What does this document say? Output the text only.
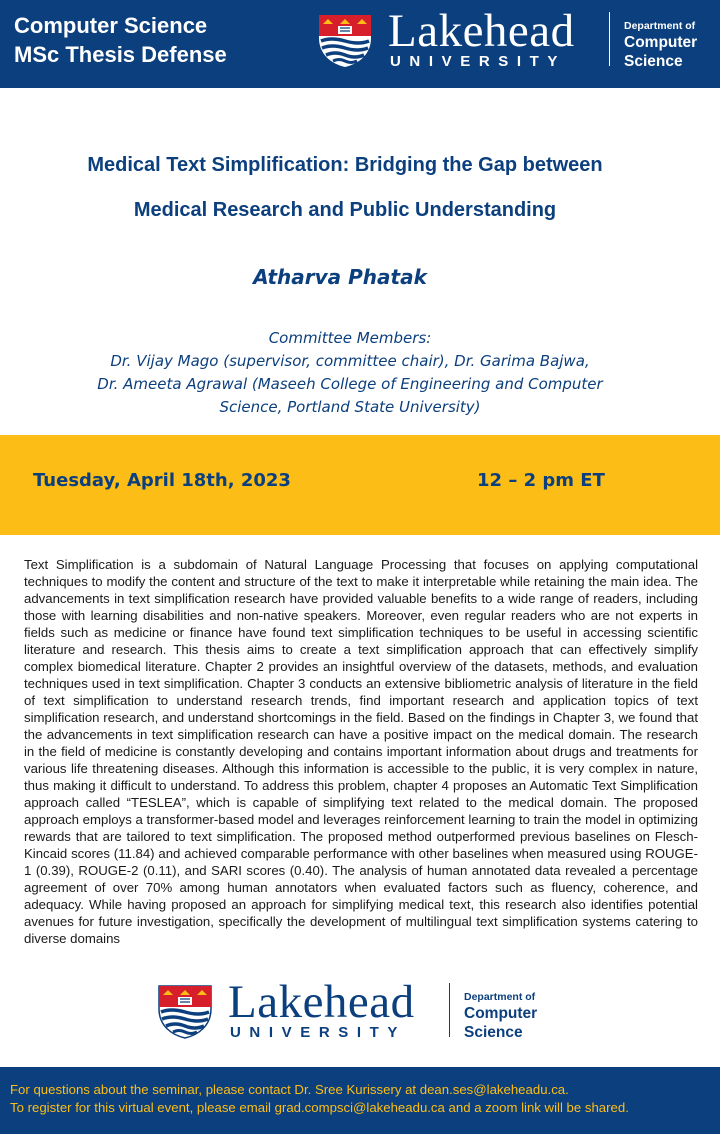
Computer Science
MSc Thesis Defense	Lakehead
UNIVERSITY
Department of
Computer
Science
Medical Text Simplification: Bridging the Gap between
Medical Research and Public Understanding
Atharva Phatak
Committee Members:
Dr. Vijay Mago (supervisor, committee chair), Dr. Garima Bajwa,
Dr. Ameeta Agrawal (Maseeh College of Engineering and Computer
Science, Portland State University)
Tuesday, April 18th, 2023	12 – 2 pm ET
Text Simplification is a subdomain of Natural Language Processing that focuses on applying computational techniques to modify the content and structure of the text to make it interpretable while retaining the main idea. The advancements in text simplification research have provided valuable benefits to a wide range of readers, including those with learning disabilities and non-native speakers. Moreover, even regular readers who are not experts in fields such as medicine or finance have found text simplification techniques to be useful in accessing scientific literature and research. This thesis aims to create a text simplification approach that can effectively simplify complex biomedical literature. Chapter 2 provides an insightful overview of the datasets, methods, and evaluation techniques used in text simplification. Chapter 3 conducts an extensive bibliometric analysis of literature in the field of text simplification to understand research trends, find important research and application topics of text simplification research, and understand shortcomings in the field. Based on the findings in Chapter 3, we found that the advancements in text simplification research can have a positive impact on the medical domain. The research in the field of medicine is constantly developing and contains important information about drugs and treatments for various life threatening diseases. Although this information is accessible to the public, it is very complex in nature, thus making it difficult to understand. To address this problem, chapter 4 proposes an Automatic Text Simplification approach called “TESLEA”, which is capable of simplifying text related to the medical domain. The proposed approach employs a transformer-based model and leverages reinforcement learning to train the model in optimizing rewards that are tailored to text simplification. The proposed method outperformed previous baselines on Flesch-Kincaid scores (11.84) and achieved comparable performance with other baselines when measured using ROUGE-1 (0.39), ROUGE-2 (0.11), and SARI scores (0.40). The analysis of human annotated data revealed a percentage agreement of over 70% among human annotators when evaluated factors such as fluency, coherence, and adequacy. While having proposed an approach for simplifying medical text, this research also identifies potential avenues for future investigation, specifically the development of multilingual text simplification systems catering to diverse domains
Lakehead
UNIVERSITY
Department of
Computer
Science
For questions about the seminar, please contact Dr. Sree Kurissery at dean.ses@lakeheadu.ca.
To register for this virtual event, please email grad.compsci@lakeheadu.ca and a zoom link will be shared.
